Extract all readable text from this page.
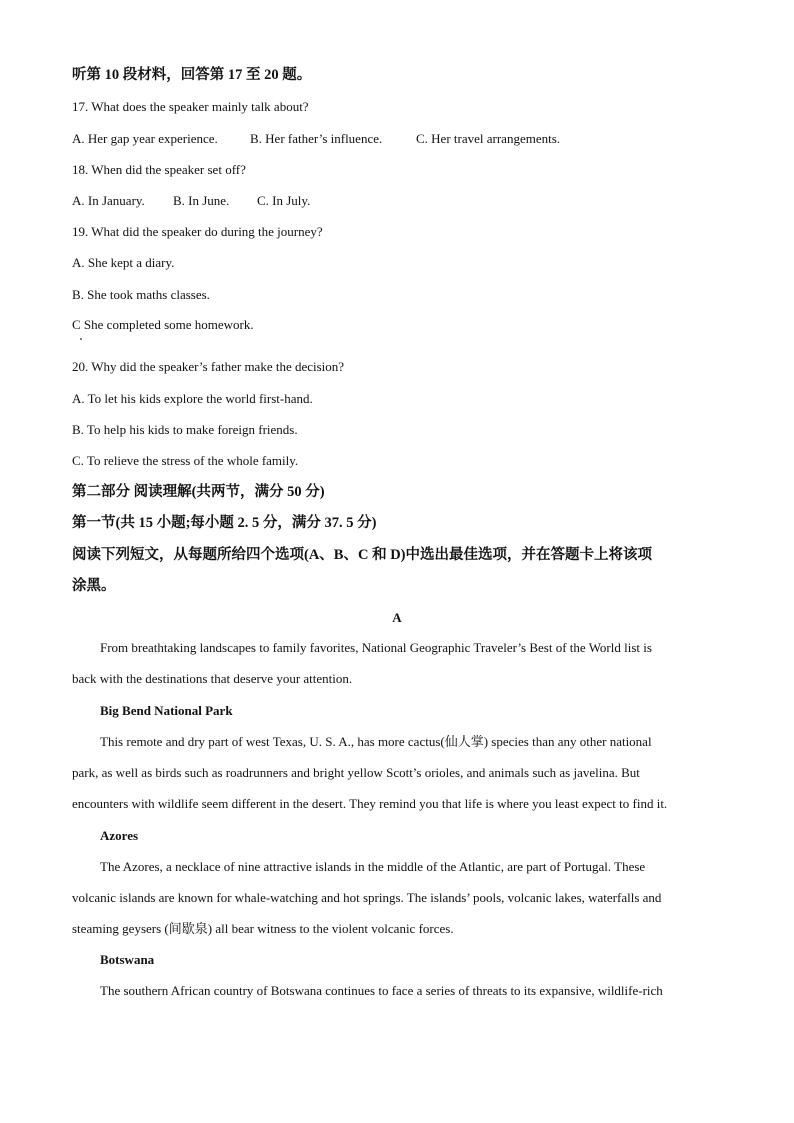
听第 10 段材料，回答第 17 至 20 题。
17. What does the speaker mainly talk about?
A. Her gap year experience. B. Her father’s influence.	C. Her travel arrangements.
18. When did the speaker set off?
A. In January. B. In June. C. In July.
19. What did the speaker do during the journey?
A. She kept a diary.
B. She took maths classes.
C She completed some homework.
20. Why did the speaker’s father make the decision?
A. To let his kids explore the world first-hand.
B. To help his kids to make foreign friends.
C. To relieve the stress of the whole family.
第二部分 阅读理解(共两节，满分 50 分)
第一节(共 15 小题;每小题 2. 5 分，满分 37. 5 分)
阅读下列短文，从每题所给四个选项(A、B、C 和 D)中选出最佳选项，并在答题卡上将该项
涂黑。
A
From breathtaking landscapes to family favorites, National Geographic Traveler’s Best of the World list is
back with the destinations that deserve your attention.
Big Bend National Park
This remote and dry part of west Texas, U. S. A., has more cactus(仙人掌) species than any other national
park, as well as birds such as roadrunners and bright yellow Scott’s orioles, and animals such as javelina. But
encounters with wildlife seem different in the desert. They remind you that life is where you least expect to find it.
Azores
The Azores, a necklace of nine attractive islands in the middle of the Atlantic, are part of Portugal. These
volcanic islands are known for whale-watching and hot springs. The islands’ pools, volcanic lakes, waterfalls and
steaming geysers (间歇泉) all bear witness to the violent volcanic forces.
Botswana
The southern African country of Botswana continues to face a series of threats to its expansive, wildlife-rich
